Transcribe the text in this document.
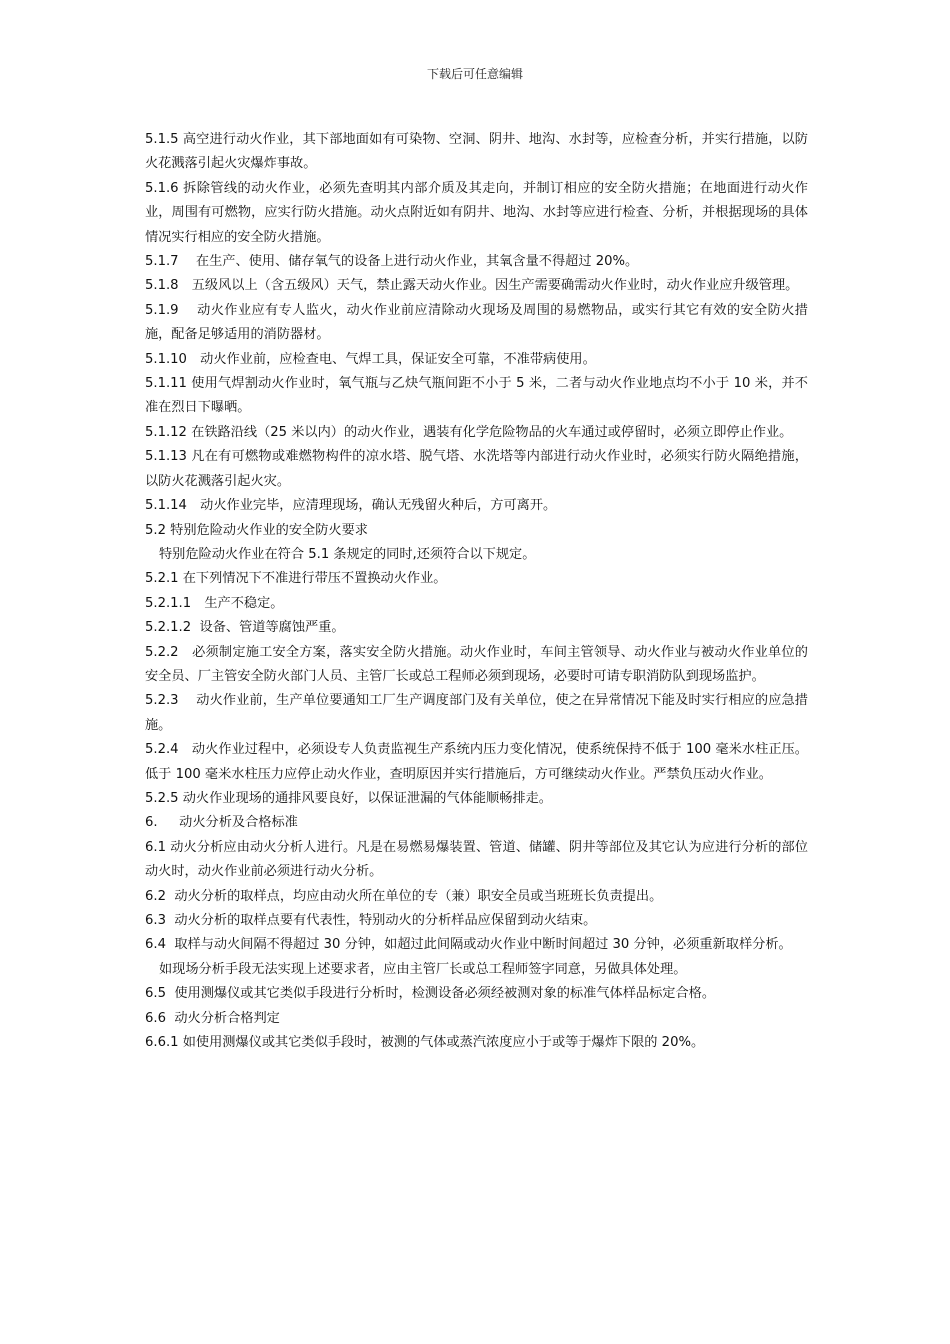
下载后可任意编辑

5.1.5 高空进行动火作业，其下部地面如有可染物、空洞、阴井、地沟、水封等，应检查分析，并实行措施，以防火花溅落引起火灾爆炸事故。

5.1.6 拆除管线的动火作业，必须先查明其内部介质及其走向，并制订相应的安全防火措施；在地面进行动火作业，周围有可燃物，应实行防火措施。动火点附近如有阴井、地沟、水封等应进行检查、分析，并根据现场的具体情况实行相应的安全防火措施。

5.1.7　 在生产、使用、储存氧气的设备上进行动火作业，其氧含量不得超过 20%。

5.1.8　五级风以上（含五级风）天气，禁止露天动火作业。因生产需要确需动火作业时，动火作业应升级管理。

5.1.9　 动火作业应有专人监火，动火作业前应清除动火现场及周围的易燃物品，或实行其它有效的安全防火措施，配备足够适用的消防器材。

5.1.10　动火作业前，应检查电、气焊工具，保证安全可靠，不准带病使用。

5.1.11 使用气焊割动火作业时，氧气瓶与乙炔气瓶间距不小于 5 米，二者与动火作业地点均不小于 10 米，并不准在烈日下曝晒。

5.1.12 在铁路沿线（25 米以内）的动火作业，遇装有化学危险物品的火车通过或停留时，必须立即停止作业。

5.1.13 凡在有可燃物或难燃物构件的凉水塔、脱气塔、水洗塔等内部进行动火作业时，必须实行防火隔绝措施，以防火花溅落引起火灾。

5.1.14　动火作业完毕，应清理现场，确认无残留火种后，方可离开。

5.2 特别危险动火作业的安全防火要求

特别危险动火作业在符合 5.1 条规定的同时,还须符合以下规定。

5.2.1 在下列情况下不准进行带压不置换动火作业。

5.2.1.1　生产不稳定。

5.2.1.2  设备、管道等腐蚀严重。

5.2.2　必须制定施工安全方案，落实安全防火措施。动火作业时，车间主管领导、动火作业与被动火作业单位的安全员、厂主管安全防火部门人员、主管厂长或总工程师必须到现场，必要时可请专职消防队到现场监护。

5.2.3　 动火作业前，生产单位要通知工厂生产调度部门及有关单位，使之在异常情况下能及时实行相应的应急措施。

5.2.4　动火作业过程中，必须设专人负责监视生产系统内压力变化情况，使系统保持不低于 100 毫米水柱正压。低于 100 毫米水柱压力应停止动火作业，查明原因并实行措施后，方可继续动火作业。严禁负压动火作业。

5.2.5 动火作业现场的通排风要良好，以保证泄漏的气体能顺畅排走。

6.　  动火分析及合格标准

6.1 动火分析应由动火分析人进行。凡是在易燃易爆装置、管道、储罐、阴井等部位及其它认为应进行分析的部位动火时，动火作业前必须进行动火分析。

6.2  动火分析的取样点，均应由动火所在单位的专（兼）职安全员或当班班长负责提出。

6.3  动火分析的取样点要有代表性，特别动火的分析样品应保留到动火结束。

6.4  取样与动火间隔不得超过 30 分钟，如超过此间隔或动火作业中断时间超过 30 分钟，必须重新取样分析。

如现场分析手段无法实现上述要求者，应由主管厂长或总工程师签字同意，另做具体处理。

6.5  使用测爆仪或其它类似手段进行分析时，检测设备必须经被测对象的标准气体样品标定合格。

6.6  动火分析合格判定

6.6.1 如使用测爆仪或其它类似手段时，被测的气体或蒸汽浓度应小于或等于爆炸下限的 20%。
